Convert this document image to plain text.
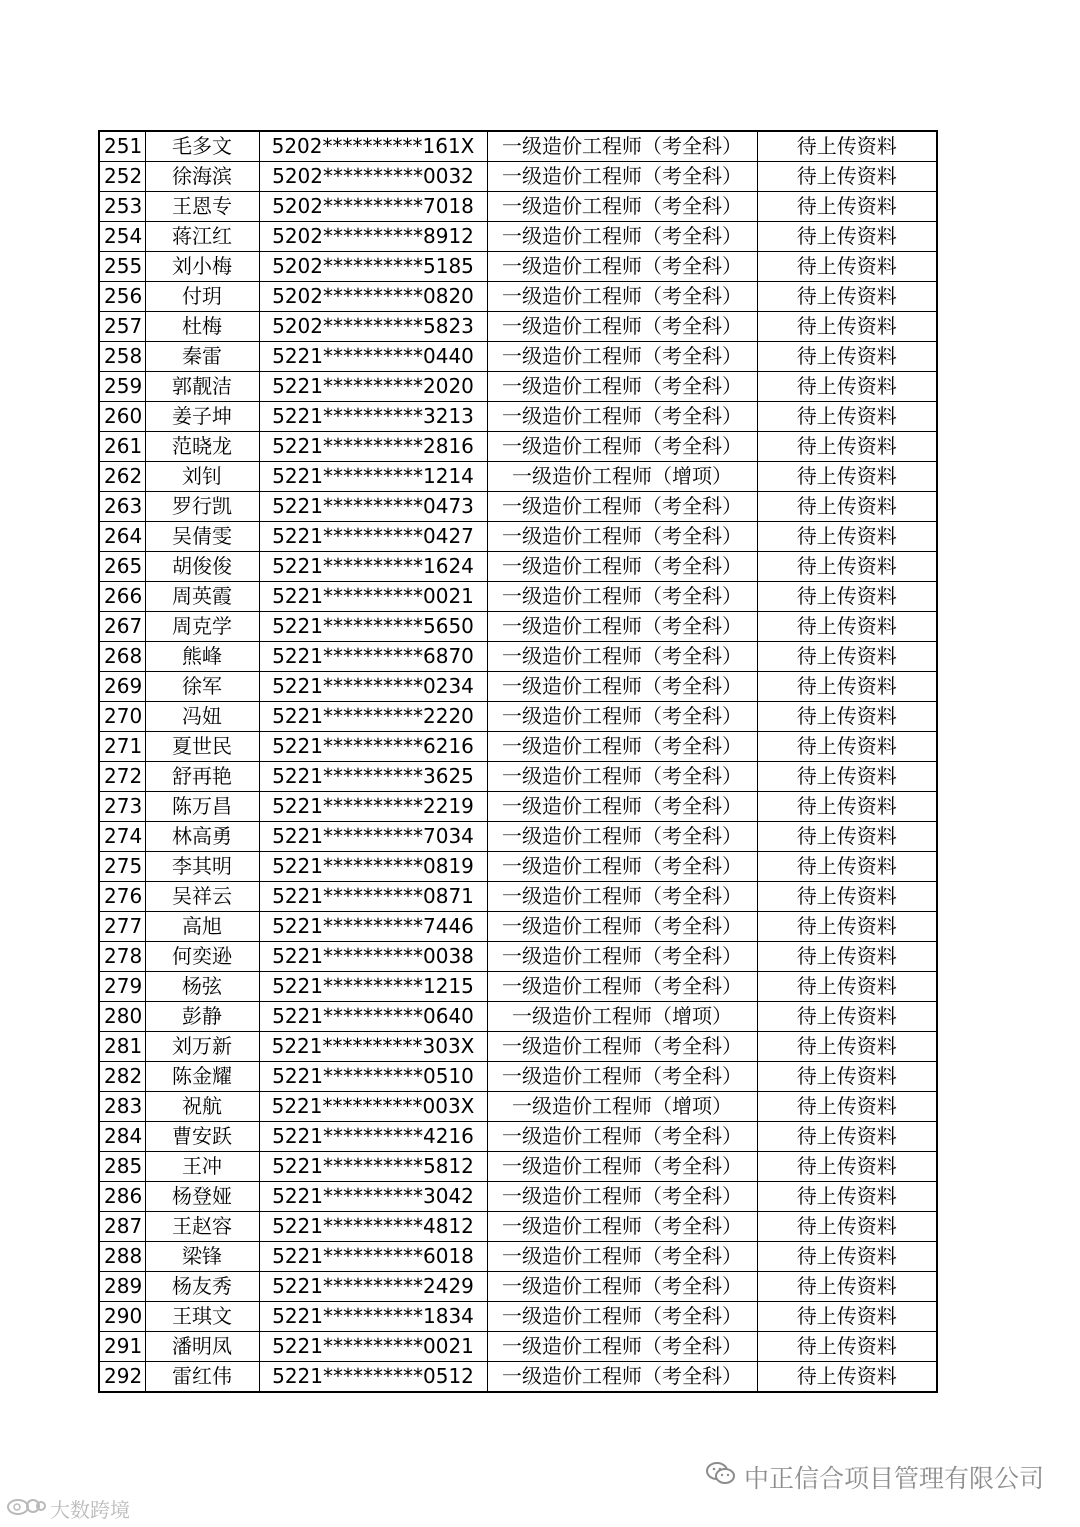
251	毛多文	5202**********161X	一级造价工程师（考全科）	待上传资料
252	徐海滨	5202**********0032	一级造价工程师（考全科）	待上传资料
253	王恩专	5202**********7018	一级造价工程师（考全科）	待上传资料
254	蒋江红	5202**********8912	一级造价工程师（考全科）	待上传资料
255	刘小梅	5202**********5185	一级造价工程师（考全科）	待上传资料
256	付玥	5202**********0820	一级造价工程师（考全科）	待上传资料
257	杜梅	5202**********5823	一级造价工程师（考全科）	待上传资料
258	秦雷	5221**********0440	一级造价工程师（考全科）	待上传资料
259	郭靓洁	5221**********2020	一级造价工程师（考全科）	待上传资料
260	姜子坤	5221**********3213	一级造价工程师（考全科）	待上传资料
261	范晓龙	5221**********2816	一级造价工程师（考全科）	待上传资料
262	刘钊	5221**********1214	一级造价工程师（增项）	待上传资料
263	罗行凯	5221**********0473	一级造价工程师（考全科）	待上传资料
264	吴倩雯	5221**********0427	一级造价工程师（考全科）	待上传资料
265	胡俊俊	5221**********1624	一级造价工程师（考全科）	待上传资料
266	周英霞	5221**********0021	一级造价工程师（考全科）	待上传资料
267	周克学	5221**********5650	一级造价工程师（考全科）	待上传资料
268	熊峰	5221**********6870	一级造价工程师（考全科）	待上传资料
269	徐军	5221**********0234	一级造价工程师（考全科）	待上传资料
270	冯妞	5221**********2220	一级造价工程师（考全科）	待上传资料
271	夏世民	5221**********6216	一级造价工程师（考全科）	待上传资料
272	舒再艳	5221**********3625	一级造价工程师（考全科）	待上传资料
273	陈万昌	5221**********2219	一级造价工程师（考全科）	待上传资料
274	林高勇	5221**********7034	一级造价工程师（考全科）	待上传资料
275	李其明	5221**********0819	一级造价工程师（考全科）	待上传资料
276	吴祥云	5221**********0871	一级造价工程师（考全科）	待上传资料
277	高旭	5221**********7446	一级造价工程师（考全科）	待上传资料
278	何奕逊	5221**********0038	一级造价工程师（考全科）	待上传资料
279	杨弦	5221**********1215	一级造价工程师（考全科）	待上传资料
280	彭静	5221**********0640	一级造价工程师（增项）	待上传资料
281	刘万新	5221**********303X	一级造价工程师（考全科）	待上传资料
282	陈金耀	5221**********0510	一级造价工程师（考全科）	待上传资料
283	祝航	5221**********003X	一级造价工程师（增项）	待上传资料
284	曹安跃	5221**********4216	一级造价工程师（考全科）	待上传资料
285	王冲	5221**********5812	一级造价工程师（考全科）	待上传资料
286	杨登娅	5221**********3042	一级造价工程师（考全科）	待上传资料
287	王赵容	5221**********4812	一级造价工程师（考全科）	待上传资料
288	梁锋	5221**********6018	一级造价工程师（考全科）	待上传资料
289	杨友秀	5221**********2429	一级造价工程师（考全科）	待上传资料
290	王琪文	5221**********1834	一级造价工程师（考全科）	待上传资料
291	潘明凤	5221**********0021	一级造价工程师（考全科）	待上传资料
292	雷红伟	5221**********0512	一级造价工程师（考全科）	待上传资料
中正信合项目管理有限公司
大数跨境
